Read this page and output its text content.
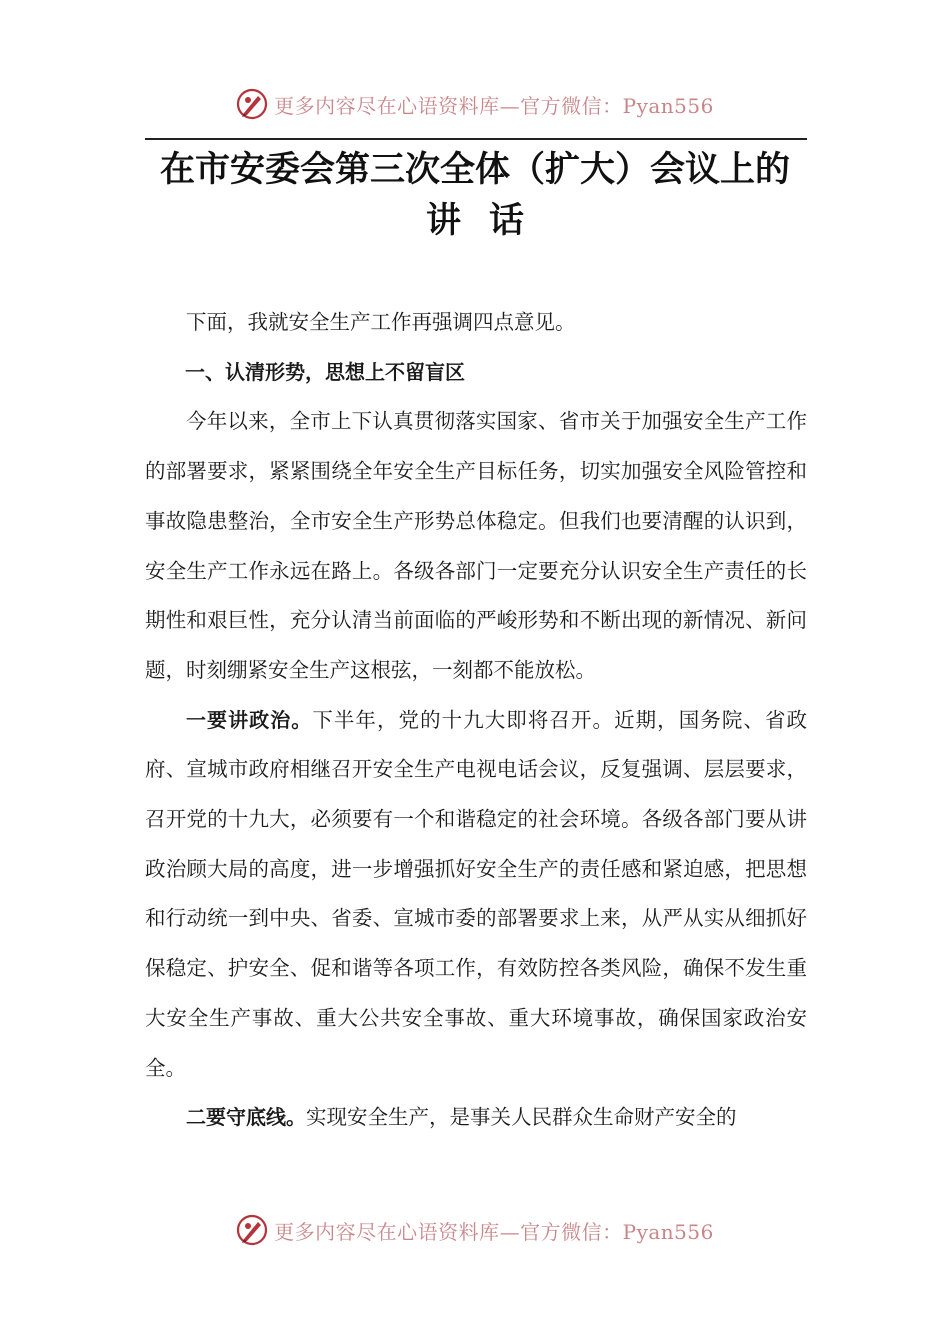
更多内容尽在心语资料库—官方微信：Pyan556
在市安委会第三次全体（扩大）会议上的
讲话

下面，我就安全生产工作再强调四点意见。

一、认清形势，思想上不留盲区

今年以来，全市上下认真贯彻落实国家、省市关于加强安全生产工作的部署要求，紧紧围绕全年安全生产目标任务，切实加强安全风险管控和事故隐患整治，全市安全生产形势总体稳定。但我们也要清醒的认识到，安全生产工作永远在路上。各级各部门一定要充分认识安全生产责任的长期性和艰巨性，充分认清当前面临的严峻形势和不断出现的新情况、新问题，时刻绷紧安全生产这根弦，一刻都不能放松。

一要讲政治。下半年，党的十九大即将召开。近期，国务院、省政府、宣城市政府相继召开安全生产电视电话会议，反复强调、层层要求，召开党的十九大，必须要有一个和谐稳定的社会环境。各级各部门要从讲政治顾大局的高度，进一步增强抓好安全生产的责任感和紧迫感，把思想和行动统一到中央、省委、宣城市委的部署要求上来，从严从实从细抓好保稳定、护安全、促和谐等各项工作，有效防控各类风险，确保不发生重大安全生产事故、重大公共安全事故、重大环境事故，确保国家政治安全。

二要守底线。实现安全生产，是事关人民群众生命财产安全的

更多内容尽在心语资料库—官方微信：Pyan556
